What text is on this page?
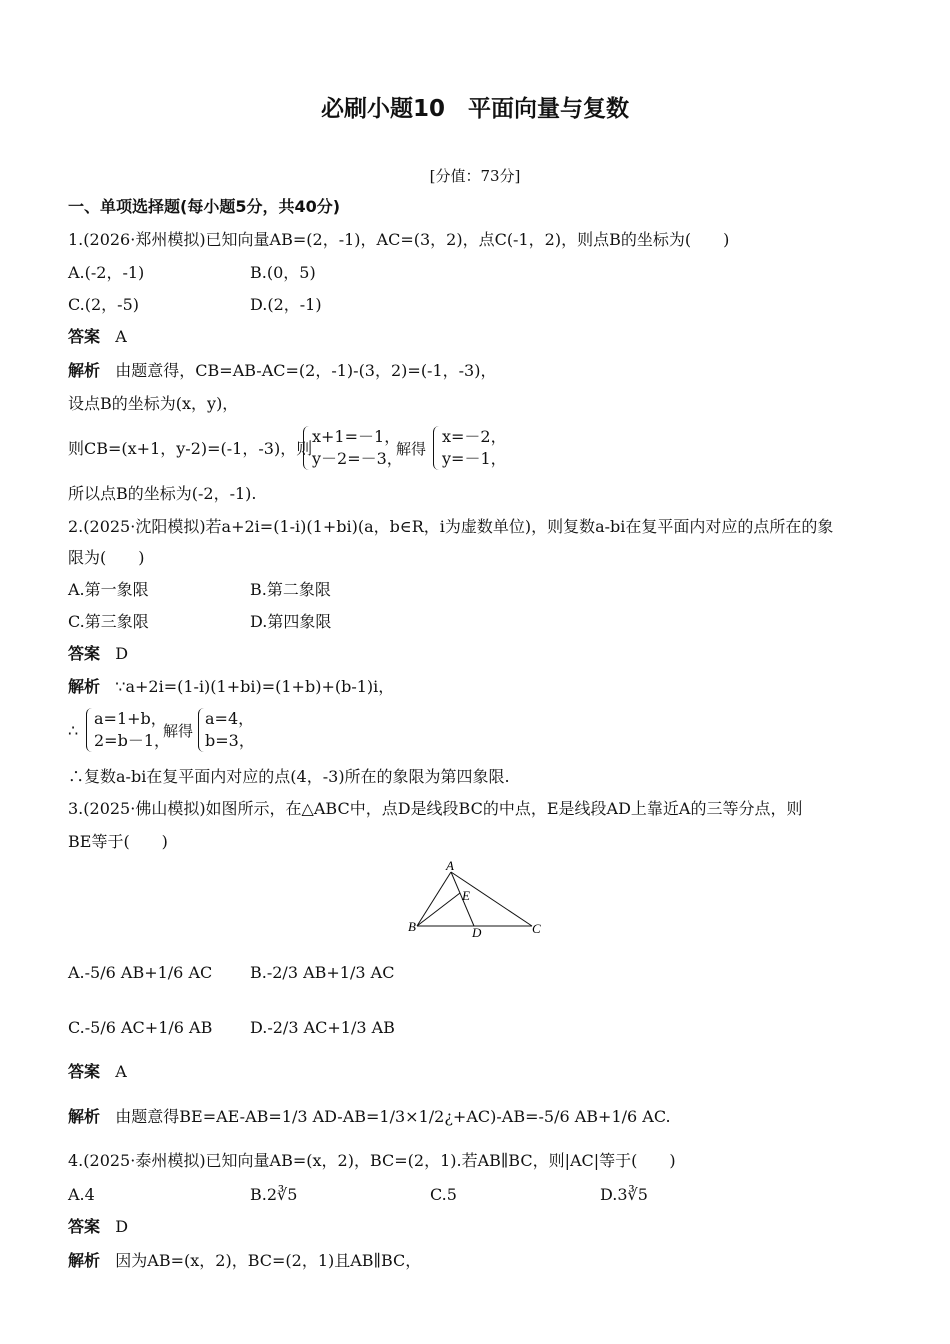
必刷小题10　平面向量与复数
[分值：73分]
一、单项选择题(每小题5分，共40分)
1.(2026·郑州模拟)已知向量AB=(2，-1)，AC=(3，2)，点C(-1，2)，则点B的坐标为(　　)
A.(-2，-1)	B.(0，5)
C.(2，-5)	D.(2，-1)
答案 A
解析 由题意得，CB=AB-AC=(2，-1)-(3，2)=(-1，-3)，
设点B的坐标为(x，y)，
则CB=(x+1，y-2)=(-1，-3)，则
x+1=－1，
y－2=－3，
解得
x=－2，
y=－1，
所以点B的坐标为(-2，-1).
2.(2025·沈阳模拟)若a+2i=(1-i)(1+bi)(a，b∈R，i为虚数单位)，则复数a-bi在复平面内对应的点所在的象
限为(　　)
A.第一象限	B.第二象限
C.第三象限	D.第四象限
答案 D
解析 ∵a+2i=(1-i)(1+bi)=(1+b)+(b-1)i，
∴
a=1+b，
2=b－1，
解得
a=4，
b=3，
∴复数a-bi在复平面内对应的点(4，-3)所在的象限为第四象限.
3.(2025·佛山模拟)如图所示，在△ABC中，点D是线段BC的中点，E是线段AD上靠近A的三等分点，则
BE等于(　　)
A
B	C
D
E
A.-5/6 AB+1/6 AC B.-2/3 AB+1/3 AC
C.-5/6 AC+1/6 AB D.-2/3 AC+1/3 AB
答案 A
解析 由题意得BE=AE-AB=1/3 AD-AB=1/3×1/2¿+AC)-AB=-5/6 AB+1/6 AC.
4.(2025·泰州模拟)已知向量AB=(x，2)，BC=(2，1).若AB∥BC，则|AC|等于(　　)
A.4	B.2∛5	C.5	D.3∛5
答案 D
解析 因为AB=(x，2)，BC=(2，1)且AB∥BC，
